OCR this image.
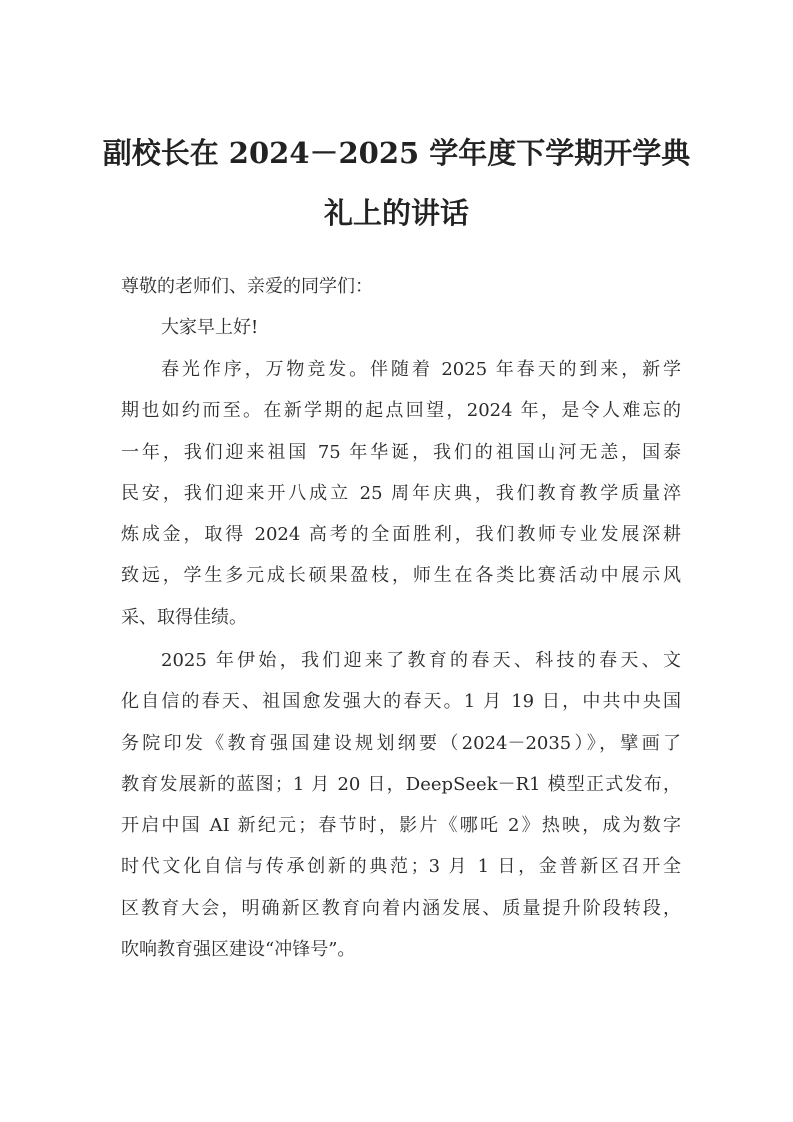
副校长在 2024－2025 学年度下学期开学典
礼上的讲话
尊敬的老师们、亲爱的同学们：
大家早上好!
春光作序，万物竞发。伴随着 2025 年春天的到来，新学
期也如约而至。在新学期的起点回望，2024 年，是令人难忘的
一年，我们迎来祖国 75 年华诞，我们的祖国山河无恙，国泰
民安，我们迎来开八成立 25 周年庆典，我们教育教学质量淬
炼成金，取得 2024 高考的全面胜利，我们教师专业发展深耕
致远，学生多元成长硕果盈枝，师生在各类比赛活动中展示风
采、取得佳绩。
2025 年伊始，我们迎来了教育的春天、科技的春天、文
化自信的春天、祖国愈发强大的春天。1 月 19 日，中共中央国
务院印发《教育强国建设规划纲要（2024－2035）》，擘画了
教育发展新的蓝图；1 月 20 日，DeepSeek－R1 模型正式发布，
开启中国 AI 新纪元；春节时，影片《哪吒 2》热映，成为数字
时代文化自信与传承创新的典范；3 月 1 日，金普新区召开全
区教育大会，明确新区教育向着内涵发展、质量提升阶段转段，
吹响教育强区建设“冲锋号”。
